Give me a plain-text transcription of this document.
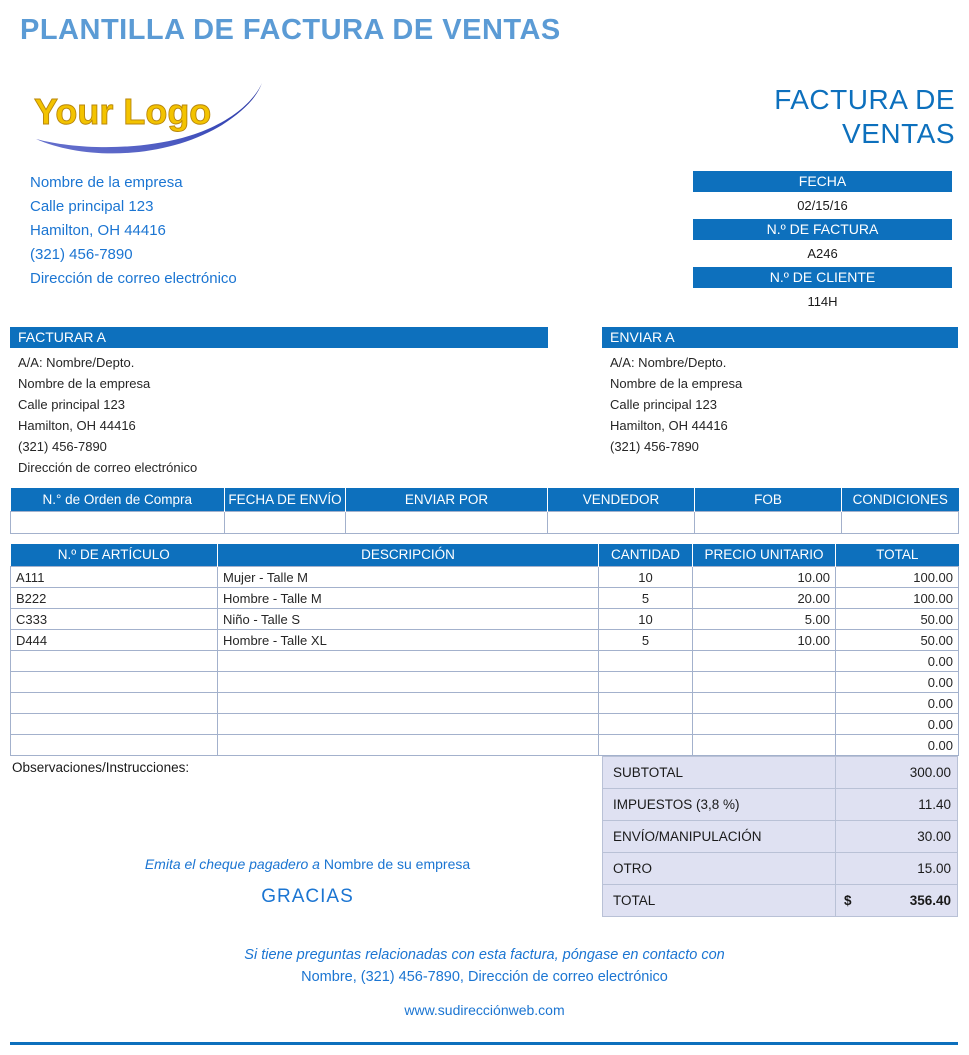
PLANTILLA DE FACTURA DE VENTAS
Your Logo	FACTURA DE
VENTAS
Nombre de la empresa
Calle principal 123
Hamilton, OH 44416
(321) 456-7890
Dirección de correo electrónico
FECHA
02/15/16
N.º DE FACTURA
A246
N.º DE CLIENTE
114H
FACTURAR A
A/A: Nombre/Depto.
Nombre de la empresa
Calle principal 123
Hamilton, OH 44416
(321) 456-7890
Dirección de correo electrónico
ENVIAR A
A/A: Nombre/Depto.
Nombre de la empresa
Calle principal 123
Hamilton, OH 44416
(321) 456-7890
N.° de Orden de Compra	FECHA DE ENVÍO	ENVIAR POR	VENDEDOR	FOB	CONDICIONES

N.º DE ARTÍCULO	DESCRIPCIÓN	CANTIDAD	PRECIO UNITARIO	TOTAL
A111	Mujer - Talle M	10	10.00	100.00
B222	Hombre - Talle M	5	20.00	100.00
C333	Niño - Talle S	10	5.00	50.00
D444	Hombre - Talle XL	5	10.00	50.00
				0.00
				0.00
				0.00
				0.00
				0.00
Observaciones/Instrucciones:	SUBTOTAL	300.00
IMPUESTOS (3,8 %)	11.40
ENVÍO/MANIPULACIÓN	30.00
OTRO	15.00
TOTAL	$	356.40
Emita el cheque pagadero a Nombre de su empresa
GRACIAS
Si tiene preguntas relacionadas con esta factura, póngase en contacto con
Nombre, (321) 456-7890, Dirección de correo electrónico
www.sudirecciónweb.com
